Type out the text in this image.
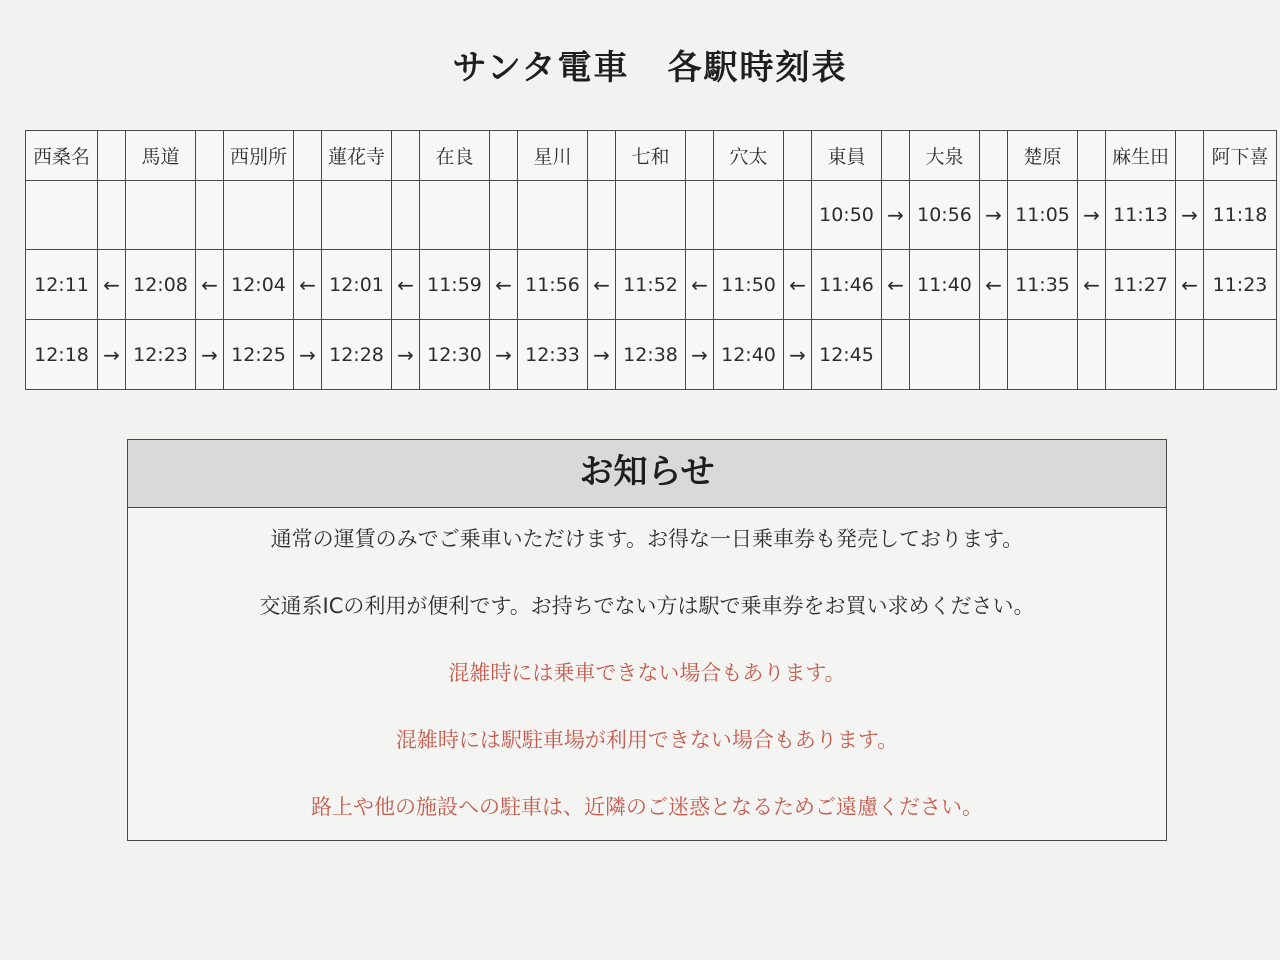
サンタ電車 各駅時刻表
西桑名		馬道		西別所		蓮花寺		在良		星川		七和		穴太		東員		大泉		楚原		麻生田		阿下喜
																10:50	→	10:56	→	11:05	→	11:13	→	11:18
12:11	←	12:08	←	12:04	←	12:01	←	11:59	←	11:56	←	11:52	←	11:50	←	11:46	←	11:40	←	11:35	←	11:27	←	11:23
12:18	→	12:23	→	12:25	→	12:28	→	12:30	→	12:33	→	12:38	→	12:40	→	12:45								
お知らせ
通常の運賃のみでご乗車いただけます。お得な一日乗車券も発売しております。
交通系ICの利用が便利です。お持ちでない方は駅で乗車券をお買い求めください。
混雑時には乗車できない場合もあります。
混雑時には駅駐車場が利用できない場合もあります。
路上や他の施設への駐車は、近隣のご迷惑となるためご遠慮ください。
